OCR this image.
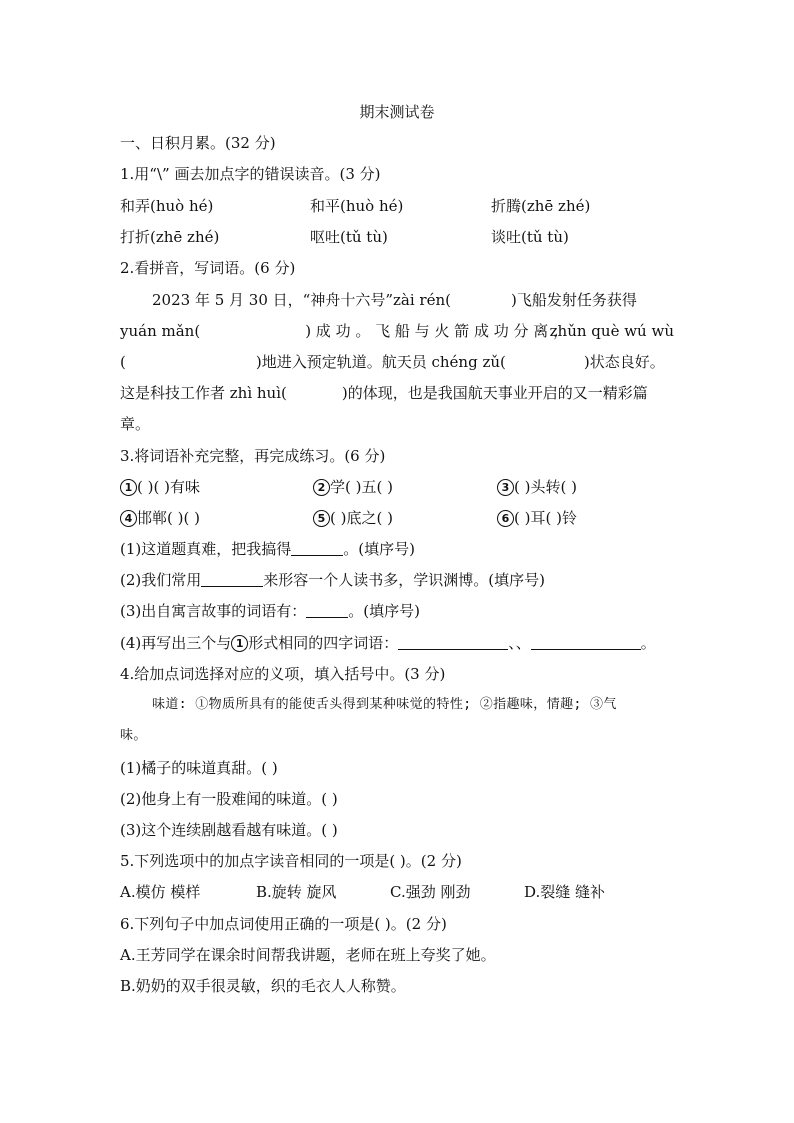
期末测试卷
一、日积月累。(32 分)
1.用“\” 画去加点字的错误读音。(3 分)
和弄(huò hé)	和平(huò hé)	折腾(zhē zhé)
打折(zhē zhé)	呕吐(tǔ tù)	谈吐(tǔ tù)
2.看拼音，写词语。(6 分)
2023 年 5 月 30 日，“神舟十六号”zài rén(	)飞船发射任务获得
yuán mǎn(	) 成 功 。 飞 船 与 火 箭 成 功 分 离 ，
zhǔn què wú wù
(	)地进入预定轨道。航天员 chéng zǔ(	)状态良好。
这是科技工作者 zhì huì(	)的体现，也是我国航天事业开启的又一精彩篇
章。
3.将词语补充完整，再完成练习。(6 分)
1 ( )( )有味	2 学( )五( )	3 ( )头转( )
4 邯郸( )( )	5 ( )底之( )	6 ( )耳( )铃
(1)这道题真难，把我搞得	。(填序号)
(2)我们常用	来形容一个人读书多，学识渊博。(填序号)
(3)出自寓言故事的词语有：	。(填序号)
(4)再写出三个与 1 形式相同的四字词语：	、、	。
4.给加点词选择对应的义项，填入括号中。(3 分)
味道: ①物质所具有的能使舌头得到某种味觉的特性; ②指趣味，情趣; ③气
味。
(1)橘子的味道真甜。( )
(2)他身上有一股难闻的味道。( )
(3)这个连续剧越看越有味道。( )
5.下列选项中的加点字读音相同的一项是( )。(2 分)
A.模仿 模样	B.旋转 旋风	C.强劲 刚劲	D.裂缝 缝补
6.下列句子中加点词使用正确的一项是( )。(2 分)
A.王芳同学在课余时间帮我讲题，老师在班上夸奖了她。
B.奶奶的双手很灵敏，织的毛衣人人称赞。
